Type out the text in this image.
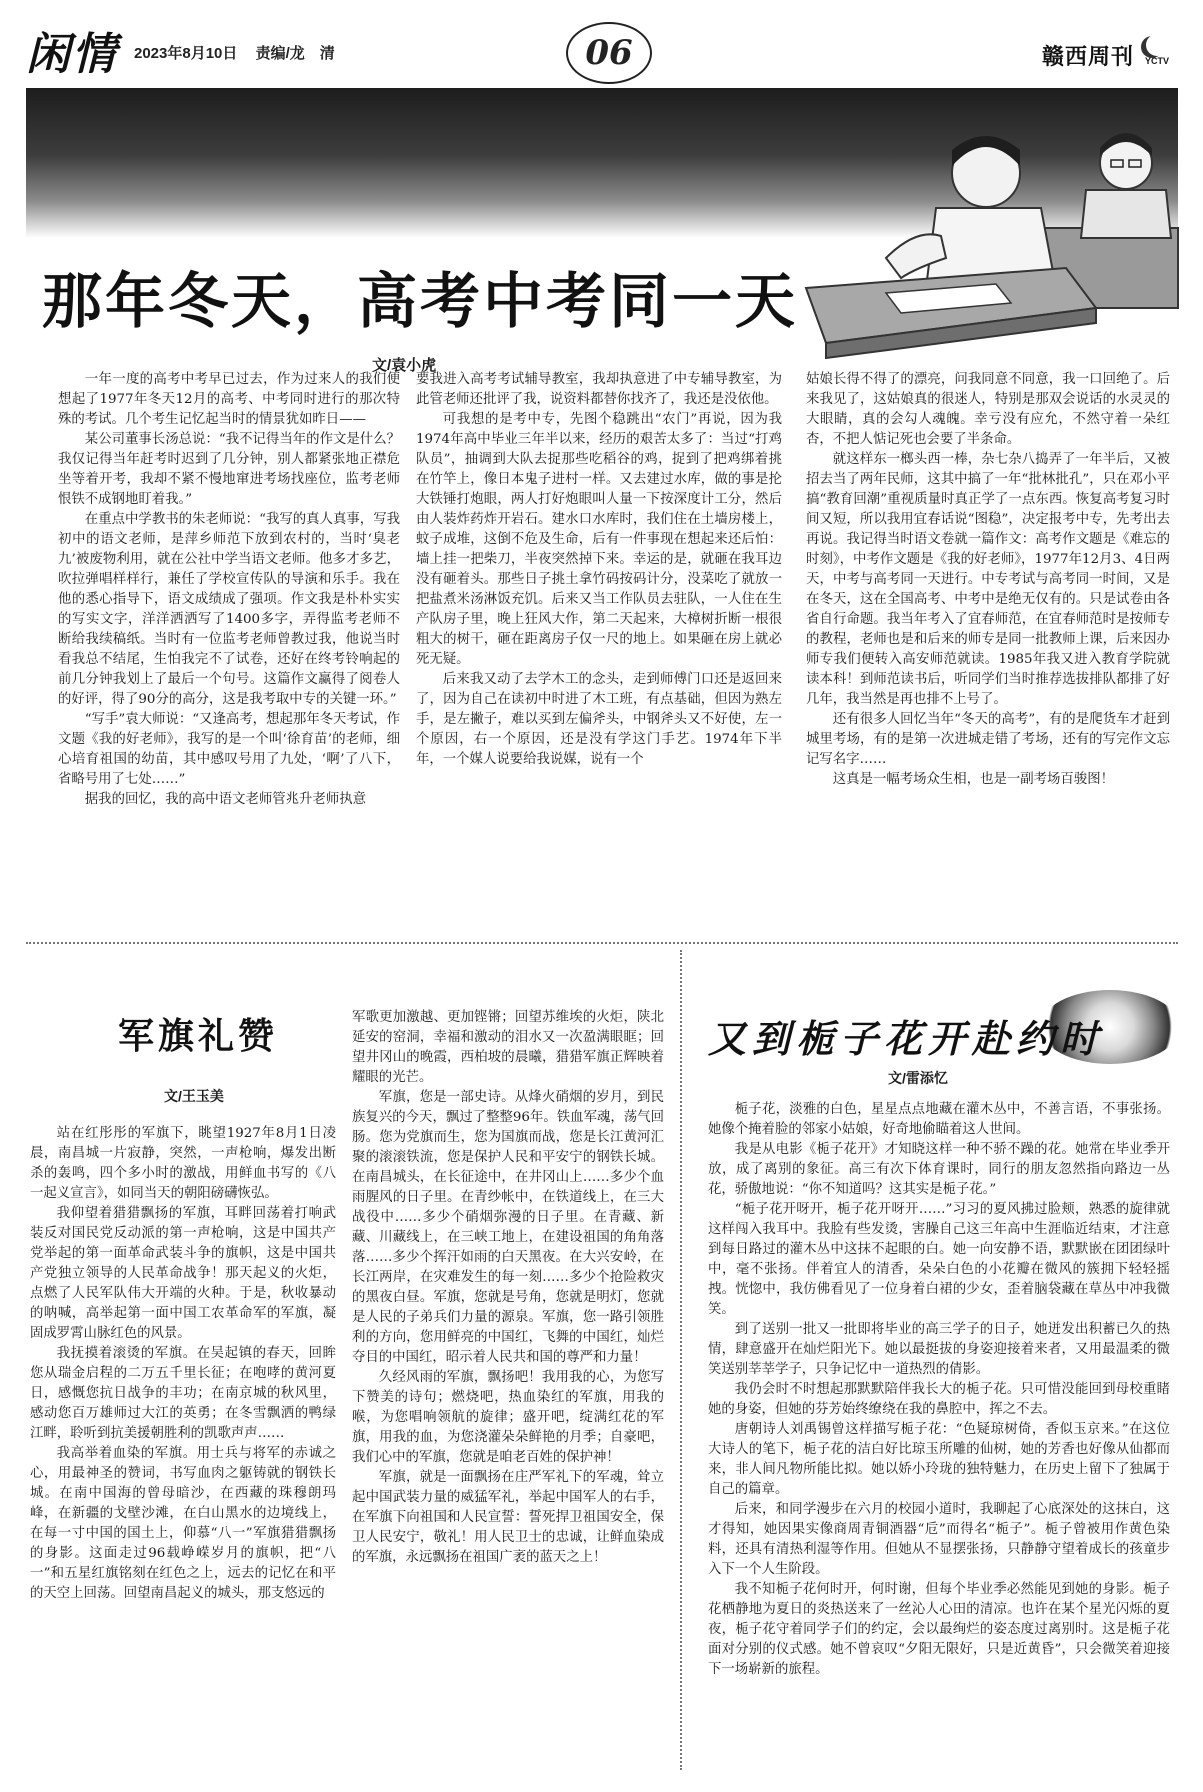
闲情 2023年8月10日 责编/龙　清	06	赣西周刊	YCTV
那年冬天，高考中考同一天
文/袁小虎

一年一度的高考中考早已过去，作为过来人的我们便想起了1977年冬天12月的高考、中考同时进行的那次特殊的考试。几个考生记忆起当时的情景犹如昨日——

某公司董事长汤总说：“我不记得当年的作文是什么？我仅记得当年赶考时迟到了几分钟，别人都紧张地正襟危坐等着开考，我却不紧不慢地窜进考场找座位，监考老师恨铁不成钢地盯着我。”

在重点中学教书的朱老师说：“我写的真人真事，写我初中的语文老师，是萍乡师范下放到农村的，当时‘臭老九’被废物利用，就在公社中学当语文老师。他多才多艺，吹拉弹唱样样行，兼任了学校宣传队的导演和乐手。我在他的悉心指导下，语文成绩成了强项。作文我是朴朴实实的写实文字，洋洋洒洒写了1400多字，弄得监考老师不断给我续稿纸。当时有一位监考老师曾教过我，他说当时看我总不结尾，生怕我完不了试卷，还好在终考铃响起的前几分钟我划上了最后一个句号。这篇作文赢得了阅卷人的好评，得了90分的高分，这是我考取中专的关键一环。”

“写手”袁大师说：“又逢高考，想起那年冬天考试，作文题《我的好老师》，我写的是一个叫‘徐育苗’的老师，细心培育祖国的幼苗，其中感叹号用了九处，‘啊’了八下，省略号用了七处……”

据我的回忆，我的高中语文老师管兆升老师执意

要我进入高考考试辅导教室，我却执意进了中专辅导教室，为此管老师还批评了我，说资料都替你找齐了，我还是没依他。

可我想的是考中专，先图个稳跳出“农门”再说，因为我1974年高中毕业三年半以来，经历的艰苦太多了：当过“打鸡队员”，抽调到大队去捉那些吃稻谷的鸡，捉到了把鸡绑着挑在竹竿上，像日本鬼子进村一样。又去建过水库，做的事是抡大铁锤打炮眼，两人打好炮眼叫人量一下按深度计工分，然后由人装炸药炸开岩石。建水口水库时，我们住在土墙房楼上，蚊子成堆，这倒不危及生命，后有一件事现在想起来还后怕：墙上挂一把柴刀，半夜突然掉下来。幸运的是，就砸在我耳边没有砸着头。那些日子挑土拿竹码按码计分，没菜吃了就放一把盐煮米汤淋饭充饥。后来又当工作队员去驻队，一人住在生产队房子里，晚上狂风大作，第二天起来，大樟树折断一根很粗大的树干，砸在距离房子仅一尺的地上。如果砸在房上就必死无疑。

后来我又动了去学木工的念头，走到师傅门口还是返回来了，因为自己在读初中时进了木工班，有点基础，但因为熟左手，是左撇子，难以买到左偏斧头，中钢斧头又不好使，左一个原因，右一个原因，还是没有学这门手艺。1974年下半年，一个媒人说要给我说媒，说有一个

姑娘长得不得了的漂亮，问我同意不同意，我一口回绝了。后来我见了，这姑娘真的很迷人，特别是那双会说话的水灵灵的大眼睛，真的会勾人魂魄。幸亏没有应允，不然守着一朵红杏，不把人惦记死也会要了半条命。

就这样东一榔头西一棒，杂七杂八捣弄了一年半后，又被招去当了两年民师，这其中搞了一年“批林批孔”，只在邓小平搞“教育回潮”重视质量时真正学了一点东西。恢复高考复习时间又短，所以我用宜春话说“图稳”，决定报考中专，先考出去再说。我记得当时语文卷就一篇作文：高考作文题是《难忘的时刻》，中考作文题是《我的好老师》，1977年12月3、4日两天，中考与高考同一天进行。中专考试与高考同一时间，又是在冬天，这在全国高考、中考中是绝无仅有的。只是试卷由各省自行命题。我当年考入了宜春师范，在宜春师范时是按师专的教程，老师也是和后来的师专是同一批教师上课，后来因办师专我们便转入高安师范就读。1985年我又进入教育学院就读本科！到师范读书后，听同学们当时推荐选拔排队都排了好几年，我当然是再也排不上号了。

还有很多人回忆当年“冬天的高考”，有的是爬货车才赶到城里考场，有的是第一次进城走错了考场，还有的写完作文忘记写名字……

这真是一幅考场众生相，也是一副考场百骏图！

军旗礼赞
文/王玉美

站在红彤彤的军旗下，眺望1927年8月1日凌晨，南昌城一片寂静，突然，一声枪响，爆发出断杀的轰鸣，四个多小时的激战，用鲜血书写的《八一起义宣言》，如同当天的朝阳磅礴恢弘。

我仰望着猎猎飘扬的军旗，耳畔回荡着打响武装反对国民党反动派的第一声枪响，这是中国共产党举起的第一面革命武装斗争的旗帜，这是中国共产党独立领导的人民革命战争！那天起义的火炬，点燃了人民军队伟大开端的火种。于是，秋收暴动的呐喊，高举起第一面中国工农革命军的军旗，凝固成罗霄山脉红色的风景。

我抚摸着滚烫的军旗。在吴起镇的春天，回眸您从瑞金启程的二万五千里长征；在咆哮的黄河夏日，感慨您抗日战争的丰功；在南京城的秋风里，感动您百万雄师过大江的英勇；在冬雪飘洒的鸭绿江畔，聆听到抗美援朝胜利的凯歌声声……

我高举着血染的军旗。用士兵与将军的赤诚之心，用最神圣的赞词，书写血肉之躯铸就的钢铁长城。在南中国海的曾母暗沙，在西藏的珠穆朗玛峰，在新疆的戈壁沙滩，在白山黑水的边境线上，在每一寸中国的国土上，仰慕“八一”军旗猎猎飘扬的身影。这面走过96载峥嵘岁月的旗帜，把“八一”和五星红旗铭刻在红色之上，远去的记忆在和平的天空上回荡。回望南昌起义的城头，那支悠远的

军歌更加激越、更加铿锵；回望苏维埃的火炬，陕北延安的窑洞，幸福和激动的泪水又一次盈满眼眶；回望井冈山的晚霞，西柏坡的晨曦，猎猎军旗正辉映着耀眼的光芒。

军旗，您是一部史诗。从烽火硝烟的岁月，到民族复兴的今天，飘过了整整96年。铁血军魂，荡气回肠。您为党旗而生，您为国旗而战，您是长江黄河汇聚的滚滚铁流，您是保护人民和平安宁的钢铁长城。在南昌城头，在长征途中，在井冈山上……多少个血雨腥风的日子里。在青纱帐中，在铁道线上，在三大战役中……多少个硝烟弥漫的日子里。在青藏、新藏、川藏线上，在三峡工地上，在建设祖国的角角落落……多少个挥汗如雨的白天黑夜。在大兴安岭，在长江两岸，在灾难发生的每一刻……多少个抢险救灾的黑夜白昼。军旗，您就是号角，您就是明灯，您就是人民的子弟兵们力量的源泉。军旗，您一路引领胜利的方向，您用鲜亮的中国红，飞舞的中国红，灿烂夺目的中国红，昭示着人民共和国的尊严和力量！

久经风雨的军旗，飘扬吧！我用我的心，为您写下赞美的诗句；燃烧吧，热血染红的军旗，用我的喉，为您唱响领航的旋律；盛开吧，绽满红花的军旗，用我的血，为您浇灌朵朵鲜艳的月季；自豪吧，我们心中的军旗，您就是咱老百姓的保护神！

军旗，就是一面飘扬在庄严军礼下的军魂，耸立起中国武装力量的威猛军礼，举起中国军人的右手，在军旗下向祖国和人民宣誓：誓死捍卫祖国安全，保卫人民安宁，敬礼！用人民卫士的忠诚，让鲜血染成的军旗，永远飘扬在祖国广袤的蓝天之上！

又到栀子花开赴约时
文/雷添忆

栀子花，淡雅的白色，星星点点地藏在灌木丛中，不善言语，不事张扬。她像个掩着脸的邻家小姑娘，好奇地偷瞄着这人世间。

我是从电影《栀子花开》才知晓这样一种不骄不躁的花。她常在毕业季开放，成了离别的象征。高三有次下体育课时，同行的朋友忽然指向路边一丛花，骄傲地说：“你不知道吗？这其实是栀子花。”

“栀子花开呀开，栀子花开呀开……”习习的夏风拂过脸颊，熟悉的旋律就这样闯入我耳中。我脸有些发烫，害臊自己这三年高中生涯临近结束，才注意到每日路过的灌木丛中这抹不起眼的白。她一向安静不语，默默嵌在团团绿叶中，毫不张扬。伴着宜人的清香，朵朵白色的小花瓣在微风的簇拥下轻轻摇拽。恍惚中，我仿佛看见了一位身着白裙的少女，歪着脑袋藏在草丛中冲我微笑。

到了送别一批又一批即将毕业的高三学子的日子，她迸发出积蓄已久的热情，肆意盛开在灿烂阳光下。她以最挺拔的身姿迎接着来者，又用最温柔的微笑送别莘莘学子，只争记忆中一道热烈的倩影。

我仍会时不时想起那默默陪伴我长大的栀子花。只可惜没能回到母校重睹她的身姿，但她的芬芳始终缭绕在我的鼻腔中，挥之不去。

唐朝诗人刘禹锡曾这样描写栀子花：“色疑琼树倚，香似玉京来。”在这位大诗人的笔下，栀子花的洁白好比琼玉所雕的仙树，她的芳香也好像从仙都而来，非人间凡物所能比拟。她以娇小玲珑的独特魅力，在历史上留下了独属于自己的篇章。

后来，和同学漫步在六月的校园小道时，我聊起了心底深处的这抹白，这才得知，她因果实像商周青铜酒器“卮”而得名“栀子”。栀子曾被用作黄色染料，还具有清热利湿等作用。但她从不显摆张扬，只静静守望着成长的孩童步入下一个人生阶段。

我不知栀子花何时开，何时谢，但每个毕业季必然能见到她的身影。栀子花栖静地为夏日的炎热送来了一丝沁人心田的清凉。也许在某个星光闪烁的夏夜，栀子花守着同学子们的约定，会以最绚烂的姿态度过离别时。这是栀子花面对分别的仪式感。她不曾哀叹“夕阳无限好，只是近黄昏”，只会微笑着迎接下一场崭新的旅程。
